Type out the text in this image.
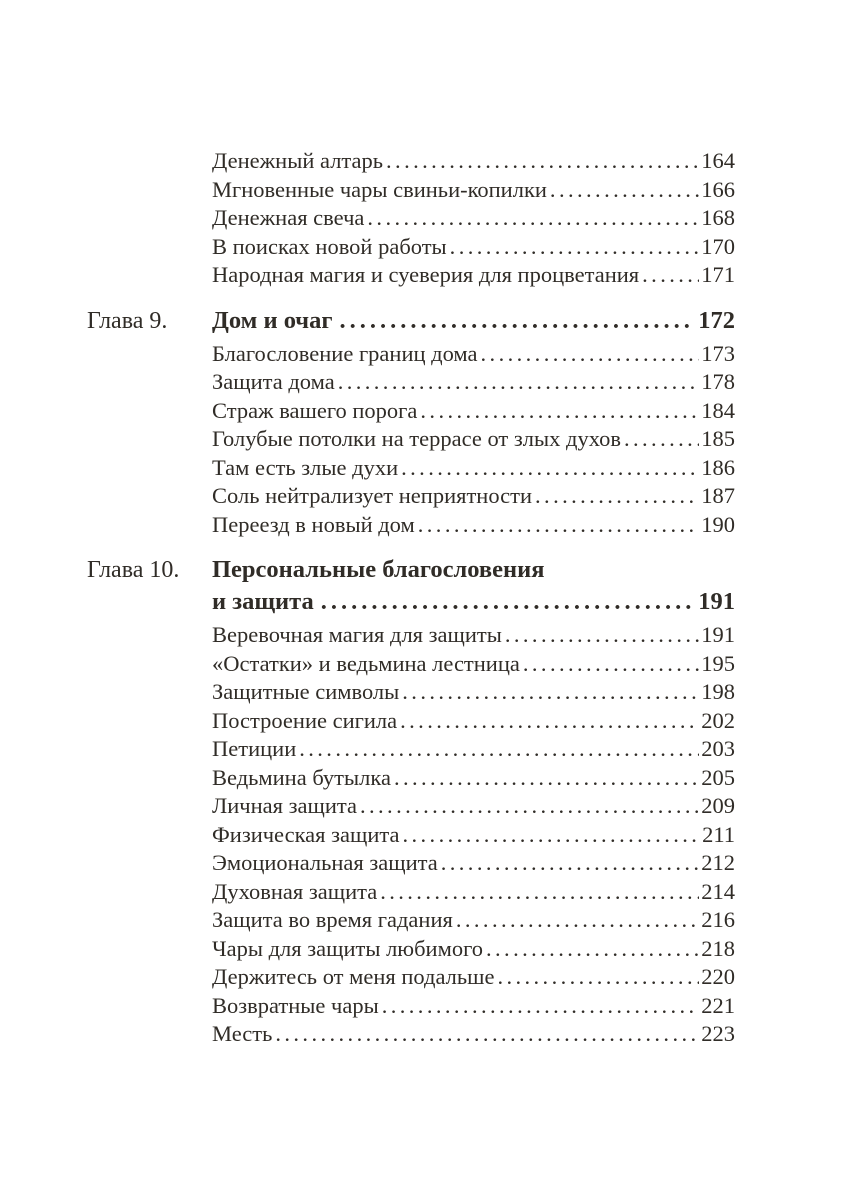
Денежный алтарь .....	164
Мгновенные чары свиньи-копилки .....	166
Денежная свеча .....	168
В поисках новой работы .....	170
Народная магия и суеверия для процветания .....	171
Глава 9.	Дом и очаг .....	172
Благословение границ дома .....	173
Защита дома .....	178
Страж вашего порога .....	184
Голубые потолки на террасе от злых духов .....	185
Там есть злые духи .....	186
Соль нейтрализует неприятности .....	187
Переезд в новый дом .....	190
Глава 10.	Персональные благословения
и защита .....	191
Веревочная магия для защиты .....	191
«Остатки» и ведьмина лестница .....	195
Защитные символы .....	198
Построение сигила .....	202
Петиции .....	203
Ведьмина бутылка .....	205
Личная защита .....	209
Физическая защита .....	211
Эмоциональная защита .....	212
Духовная защита .....	214
Защита во время гадания .....	216
Чары для защиты любимого .....	218
Держитесь от меня подальше .....	220
Возвратные чары .....	221
Месть .....	223
